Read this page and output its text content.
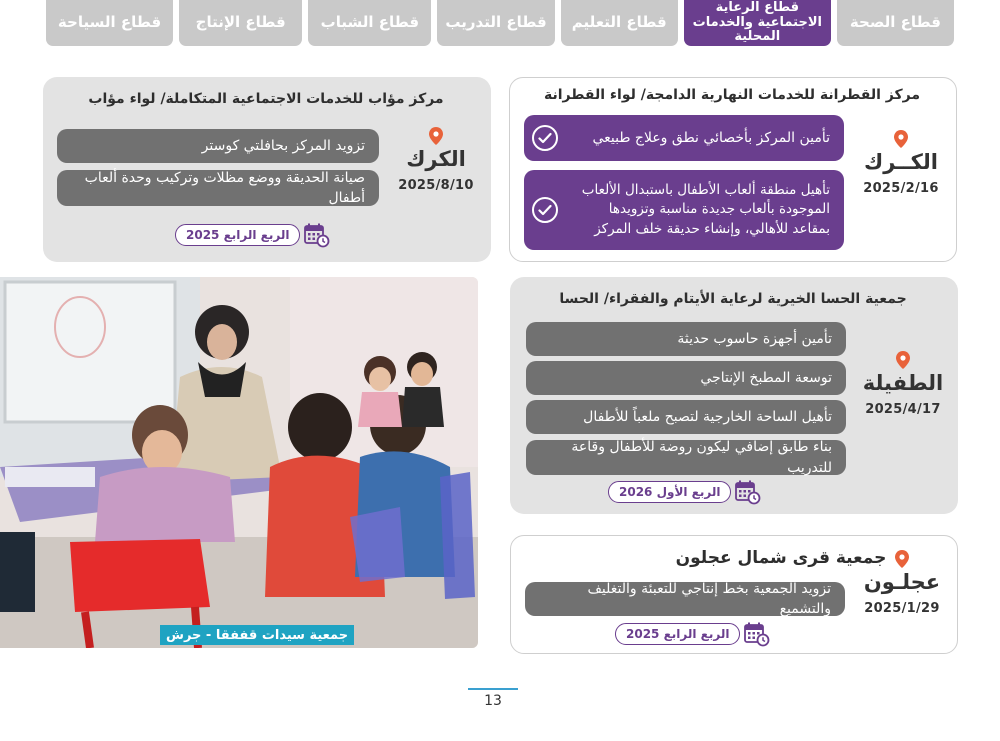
قطاع الصحة
قطاع الرعاية الاجتماعية والخدمات المحلية
قطاع التعليم
قطاع التدريب
قطاع الشباب
قطاع الإنتاج
قطاع السياحة
مركز القطرانة للخدمات النهارية الدامجة/ لواء القطرانة
الكــرك
2025/2/16
تأمين المركز بأخصائي نطق وعلاج طبيعي
تأهيل منطقة ألعاب الأطفال باستبدال الألعاب الموجودة بألعاب جديدة مناسبة وتزويدها بمقاعد للأهالي، وإنشاء حديقة خلف المركز
مركز مؤاب للخدمات الاجتماعية المتكاملة/ لواء مؤاب
الكرك
2025/8/10
تزويد المركز بحافلتي كوستر
صيانة الحديقة ووضع مظلات وتركيب وحدة ألعاب أطفال
الربع الرابع 2025
جمعية الحسا الخيرية لرعاية الأيتام والفقراء/ الحسا
الطفيلة
2025/4/17
تأمين أجهزة حاسوب حديثة
توسعة المطبخ الإنتاجي
تأهيل الساحة الخارجية لتصبح ملعباً للأطفال
بناء طابق إضافي ليكون روضة للأطفال وقاعة للتدريب
الربع الأول 2026
جمعية قرى شمال عجلون
عجلـون
2025/1/29
تزويد الجمعية بخط إنتاجي للتعبئة والتغليف والتشميع
الربع الرابع 2025
جمعية سيدات قففقا - جرش
13
